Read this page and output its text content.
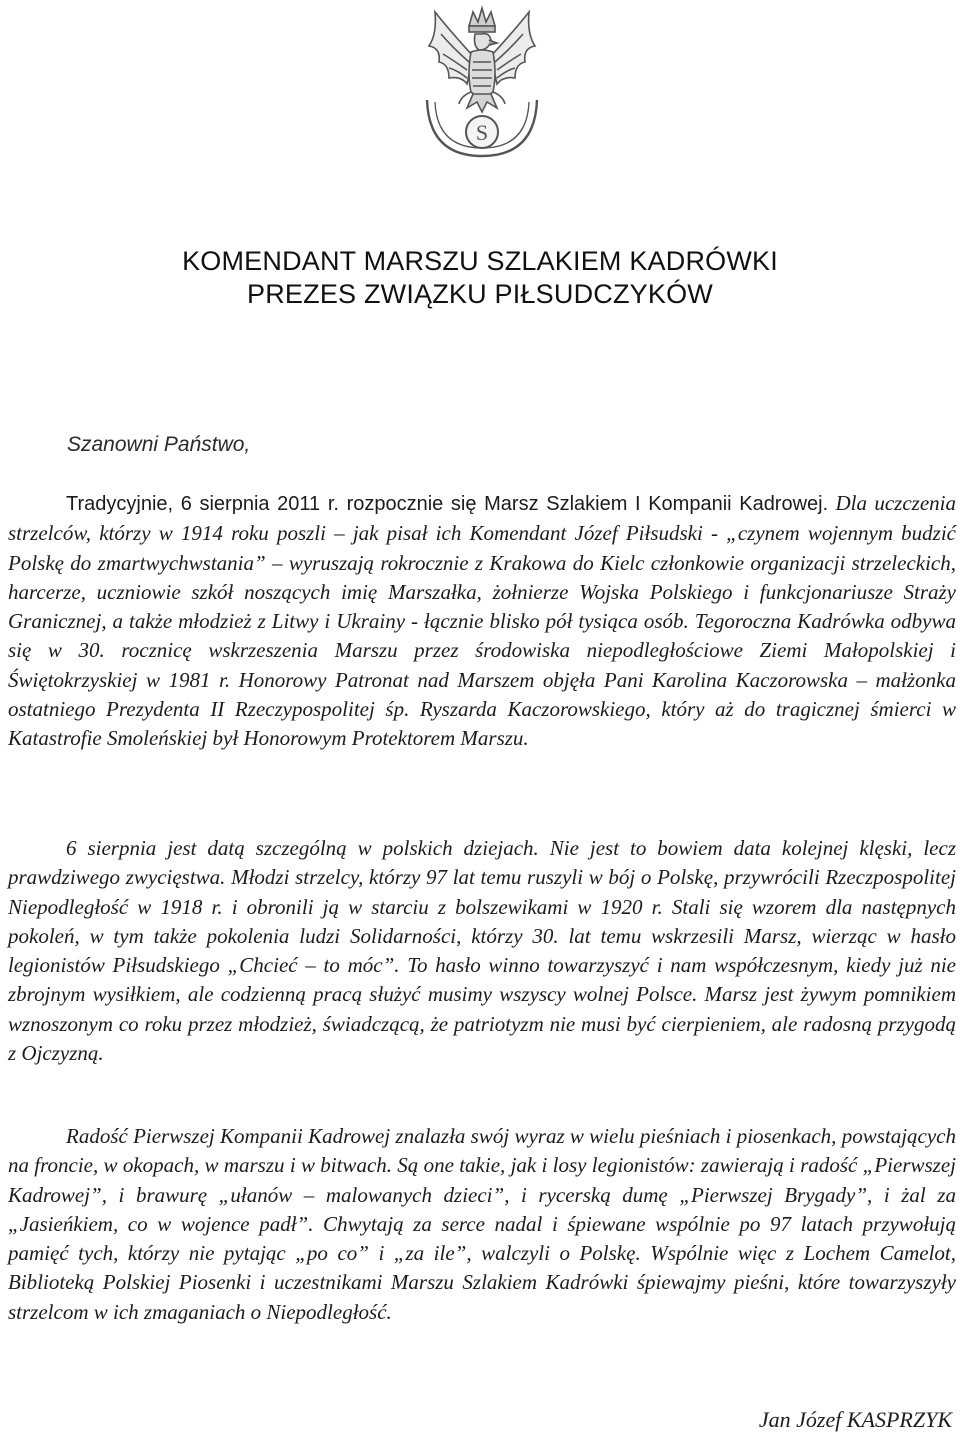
S
KOMENDANT MARSZU SZLAKIEM KADRÓWKI
PREZES ZWIĄZKU PIŁSUDCZYKÓW
Szanowni Państwo,

Tradycyjnie, 6 sierpnia 2011 r. rozpocznie się Marsz Szlakiem I Kompanii Kadrowej. Dla uczczenia strzelców, którzy w 1914 roku poszli – jak pisał ich Komendant Józef Piłsudski - „czynem wojennym budzić Polskę do zmartwychwstania” – wyruszają rokrocznie z Krakowa do Kielc członkowie organizacji strzeleckich, harcerze, uczniowie szkół noszących imię Marszałka, żołnierze Wojska Polskiego i funkcjonariusze Straży Granicznej, a także młodzież z Litwy i Ukrainy - łącznie blisko pół tysiąca osób. Tegoroczna Kadrówka odbywa się w 30. rocznicę wskrzeszenia Marszu przez środowiska niepodległościowe Ziemi Małopolskiej i Świętokrzyskiej w 1981 r. Honorowy Patronat nad Marszem objęła Pani Karolina Kaczorowska – małżonka ostatniego Prezydenta II Rzeczypospolitej śp. Ryszarda Kaczorowskiego, który aż do tragicznej śmierci w Katastrofie Smoleńskiej był Honorowym Protektorem Marszu.

6 sierpnia jest datą szczególną w polskich dziejach. Nie jest to bowiem data kolejnej klęski, lecz prawdziwego zwycięstwa. Młodzi strzelcy, którzy 97 lat temu ruszyli w bój o Polskę, przywrócili Rzeczpospolitej Niepodległość w 1918 r. i obronili ją w starciu z bolszewikami w 1920 r. Stali się wzorem dla następnych pokoleń, w tym także pokolenia ludzi Solidarności, którzy 30. lat temu wskrzesili Marsz, wierząc w hasło legionistów Piłsudskiego „Chcieć – to móc”. To hasło winno towarzyszyć i nam współczesnym, kiedy już nie zbrojnym wysiłkiem, ale codzienną pracą służyć musimy wszyscy wolnej Polsce. Marsz jest żywym pomnikiem wznoszonym co roku przez młodzież, świadczącą, że patriotyzm nie musi być cierpieniem, ale radosną przygodą z Ojczyzną.

Radość Pierwszej Kompanii Kadrowej znalazła swój wyraz w wielu pieśniach i piosenkach, powstających na froncie, w okopach, w marszu i w bitwach. Są one takie, jak i losy legionistów: zawierają i radość „Pierwszej Kadrowej”, i brawurę „ułanów – malowanych dzieci”, i rycerską dumę „Pierwszej Brygady”, i żal za „Jasieńkiem, co w wojence padł”. Chwytają za serce nadal i śpiewane wspólnie po 97 latach przywołują pamięć tych, którzy nie pytając „po co” i „za ile”, walczyli o Polskę. Wspólnie więc z Lochem Camelot, Biblioteką Polskiej Piosenki i uczestnikami Marszu Szlakiem Kadrówki śpiewajmy pieśni, które towarzyszyły strzelcom w ich zmaganiach o Niepodległość.

Jan Józef KASPRZYK
